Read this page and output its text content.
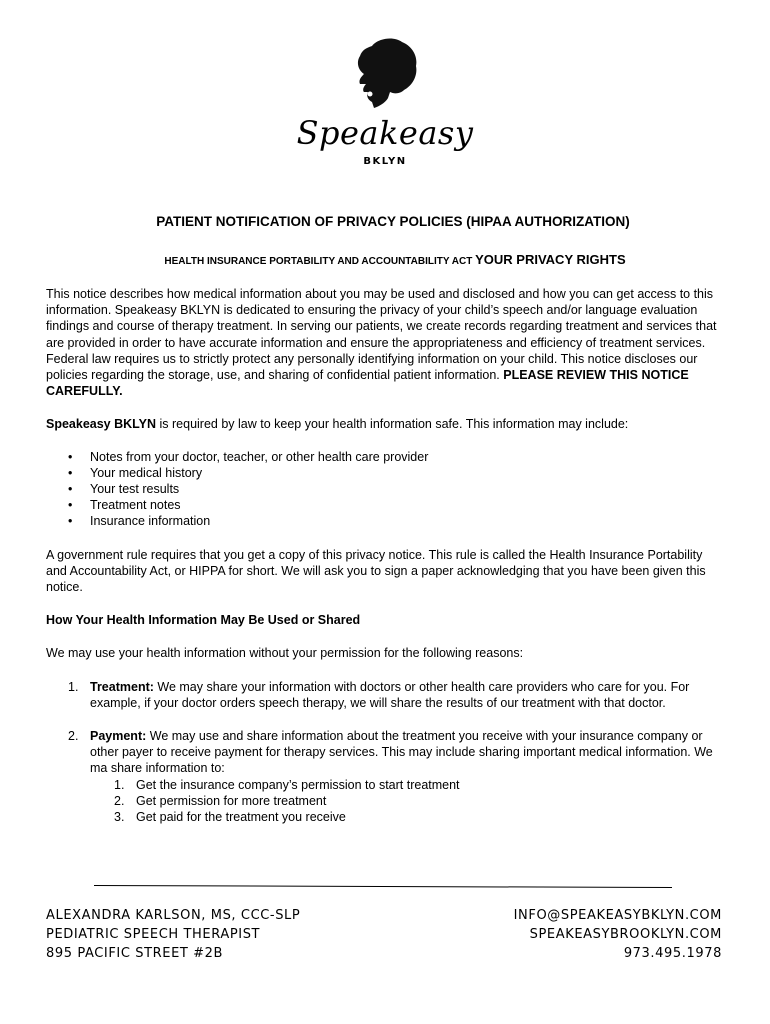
Speakeasy
BKLYN
PATIENT NOTIFICATION OF PRIVACY POLICIES (HIPAA AUTHORIZATION)
HEALTH INSURANCE PORTABILITY AND ACCOUNTABILITY ACT YOUR PRIVACY RIGHTS

This notice describes how medical information about you may be used and disclosed and how you can get access to this information. Speakeasy BKLYN is dedicated to ensuring the privacy of your child’s speech and/or language evaluation findings and course of therapy treatment. In serving our patients, we create records regarding treatment and services that are provided in order to have accurate information and ensure the appropriateness and efficiency of treatment services. Federal law requires us to strictly protect any personally identifying information on your child. This notice discloses our policies regarding the storage, use, and sharing of confidential patient information. PLEASE REVIEW THIS NOTICE CAREFULLY.

Speakeasy BKLYN is required by law to keep your health information safe. This information may include:

• Notes from your doctor, teacher, or other health care provider
• Your medical history
• Your test results
• Treatment notes
• Insurance information

A government rule requires that you get a copy of this privacy notice. This rule is called the Health Insurance Portability and Accountability Act, or HIPPA for short. We will ask you to sign a paper acknowledging that you have been given this notice.

How Your Health Information May Be Used or Shared

We may use your health information without your permission for the following reasons:

1. Treatment: We may share your information with doctors or other health care providers who care for you. For example, if your doctor orders speech therapy, we will share the results of our treatment with that doctor.
2. Payment: We may use and share information about the treatment you receive with your insurance company or other payer to receive payment for therapy services. This may include sharing important medical information. We ma share information to:
1. Get the insurance company’s permission to start treatment
2. Get permission for more treatment
3. Get paid for the treatment you receive
ALEXANDRA KARLSON, MS, CCC-SLP
PEDIATRIC SPEECH THERAPIST
895 PACIFIC STREET #2B
INFO@SPEAKEASYBKLYN.COM
SPEAKEASYBROOKLYN.COM
973.495.1978
